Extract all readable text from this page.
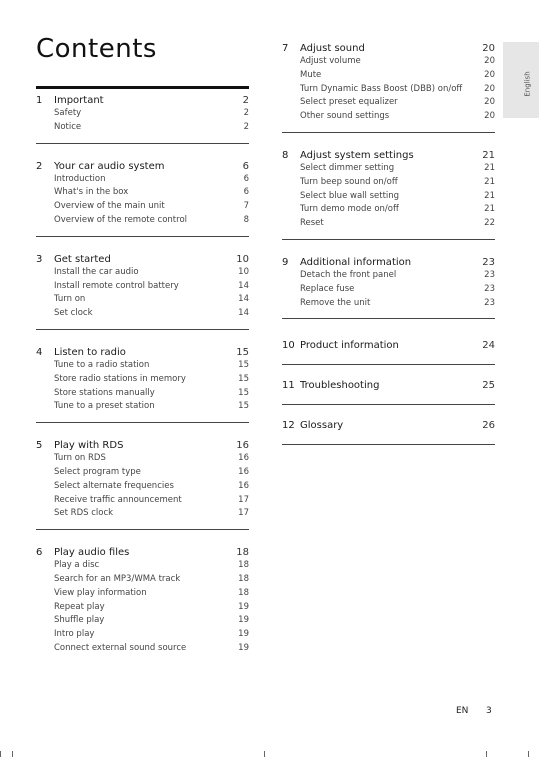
Contents
English
1	Important	2
Safety	2
Notice	2
2	Your car audio system	6
Introduction	6
What's in the box	6
Overview of the main unit	7
Overview of the remote control	8
3	Get started	10
Install the car audio	10
Install remote control battery	14
Turn on	14
Set clock	14
4	Listen to radio	15
Tune to a radio station	15
Store radio stations in memory	15
Store stations manually	15
Tune to a preset station	15
5	Play with RDS	16
Turn on RDS	16
Select program type	16
Select alternate frequencies	16
Receive traffic announcement	17
Set RDS clock	17
6	Play audio files	18
Play a disc	18
Search for an MP3/WMA track	18
View play information	18
Repeat play	19
Shuffle play	19
Intro play	19
Connect external sound source	19
7	Adjust sound	20
Adjust volume	20
Mute	20
Turn Dynamic Bass Boost (DBB) on/off	20
Select preset equalizer	20
Other sound settings	20
8	Adjust system settings	21
Select dimmer setting	21
Turn beep sound on/off	21
Select blue wall setting	21
Turn demo mode on/off	21
Reset	22
9	Additional information	23
Detach the front panel	23
Replace fuse	23
Remove the unit	23
10 Product information	24
11 Troubleshooting	25
12 Glossary	26
EN 3
